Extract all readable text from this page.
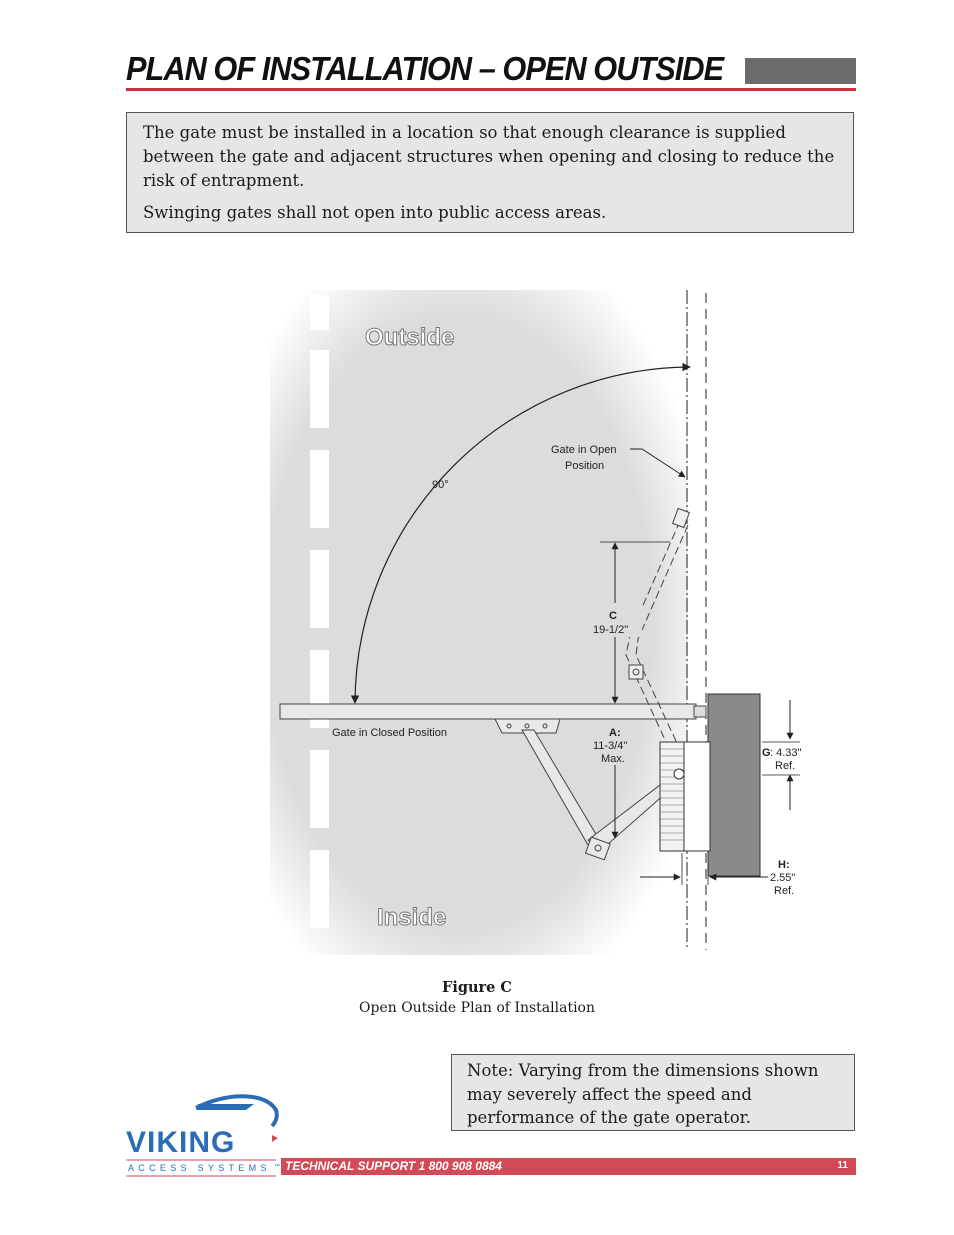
PLAN OF INSTALLATION – OPEN OUTSIDE

The gate must be installed in a location so that enough clearance is supplied between the gate and adjacent structures when opening and closing to reduce the risk of entrapment.

Swinging gates shall not open into public access areas.

Outside
Inside
90°
Gate in Open
Position
Gate in Closed Position
C
19-1/2"
A:
11-3/4"
Max.	G : 4.33"
Ref.
H:
2.55"
Ref.
Figure C
Open Outside Plan of Installation
Note: Varying from the dimensions shown may severely affect the speed and performance of the gate operator.
VIKING
ACCESS SYSTEMS ™ TECHNICAL SUPPORT 1 800 908 0884	11
